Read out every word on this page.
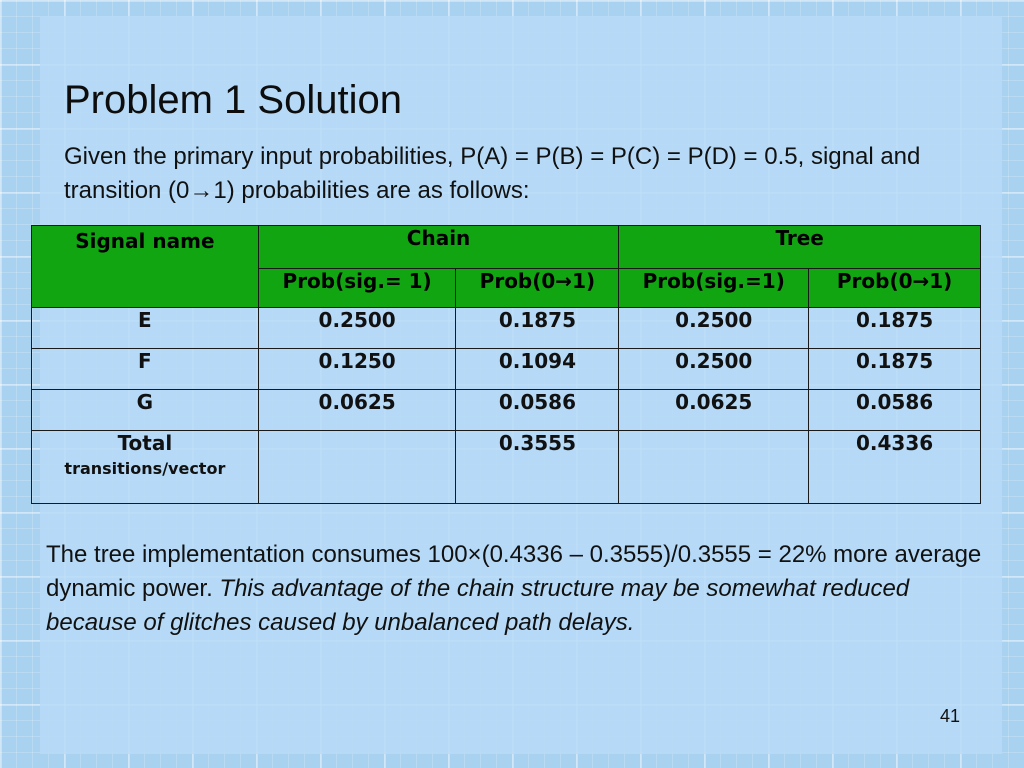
Problem 1 Solution

Given the primary input probabilities, P(A) = P(B) = P(C) = P(D) = 0.5, signal and transition (0→1) probabilities are as follows:

Signal name	Chain		Tree	
	Prob(sig.= 1)	Prob(0→1)	Prob(sig.=1)	Prob(0→1)
E	0.2500	0.1875	0.2500	0.1875
F	0.1250	0.1094	0.2500	0.1875
G	0.0625	0.0586	0.0625	0.0586
Total
transitions/vector		0.3555		0.4336

The tree implementation consumes 100×(0.4336 – 0.3555)/0.3555 = 22% more average dynamic power. This advantage of the chain structure may be somewhat reduced because of glitches caused by unbalanced path delays.

41
